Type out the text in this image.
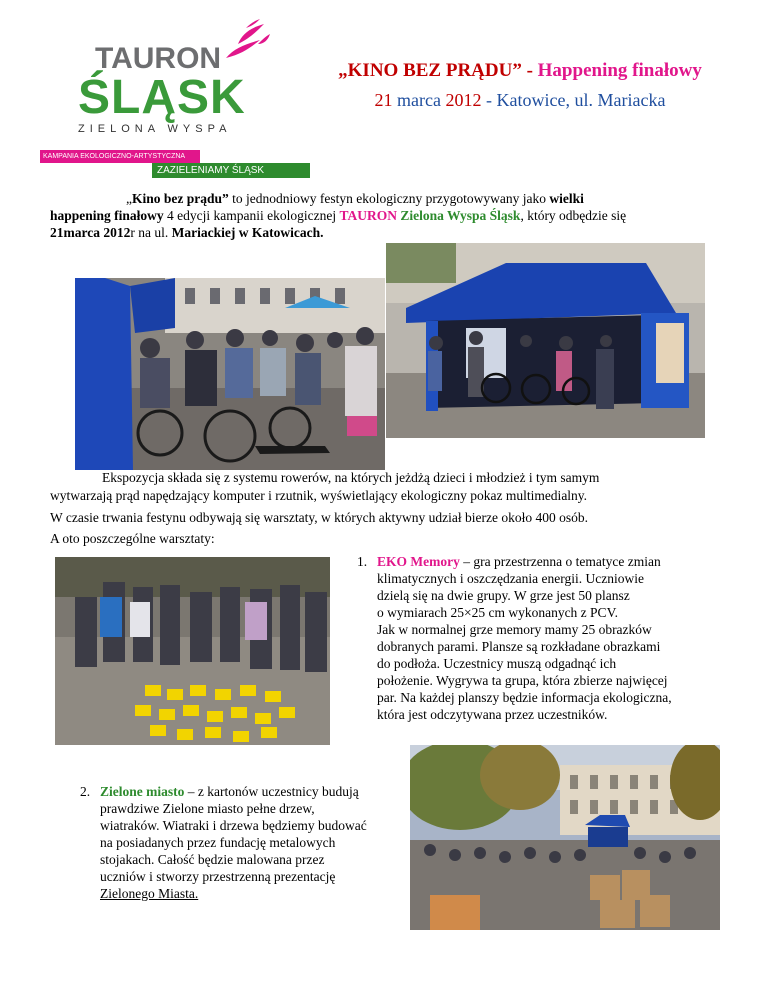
TAURON
ŚLĄSK
ZIELONA WYSPA
KAMPANIA EKOLOGICZNO-ARTYSTYCZNA
ZAZIELENIAMY ŚLĄSK
„KINO BEZ PRĄDU” - Happening finałowy
21 marca 2012 - Katowice, ul. Mariacka
„Kino bez prądu” to jednodniowy festyn ekologiczny przygotowywany jako wielki
happening finałowy 4 edycji kampanii ekologicznej TAURON Zielona Wyspa Śląsk, który odbędzie się
21marca 2012r na ul. Mariackiej w Katowicach.
Ekspozycja składa się z systemu rowerów, na których jeżdżą dzieci i młodzież i tym samym
wytwarzają prąd napędzający komputer i rzutnik, wyświetlający ekologiczny pokaz multimedialny.
W czasie trwania festynu odbywają się warsztaty, w których aktywny udział bierze około 400 osób.
A oto poszczególne warsztaty:
1. EKO Memory – gra przestrzenna o tematyce zmian
klimatycznych i oszczędzania energii. Uczniowie
dzielą się na dwie grupy. W grze jest 50 plansz
o wymiarach 25×25 cm wykonanych z PCV.
Jak w normalnej grze memory mamy 25 obrazków
dobranych parami. Plansze są rozkładane obrazkami
do podłoża. Uczestnicy muszą odgadnąć ich
położenie. Wygrywa ta grupa, która zbierze najwięcej
par. Na każdej planszy będzie informacja ekologiczna,
która jest odczytywana przez uczestników.
2. Zielone miasto – z kartonów uczestnicy budują
prawdziwe Zielone miasto pełne drzew,
wiatraków. Wiatraki i drzewa będziemy budować
na posiadanych przez fundację metalowych
stojakach. Całość będzie malowana przez
uczniów i stworzy przestrzenną prezentację
Zielonego Miasta.
